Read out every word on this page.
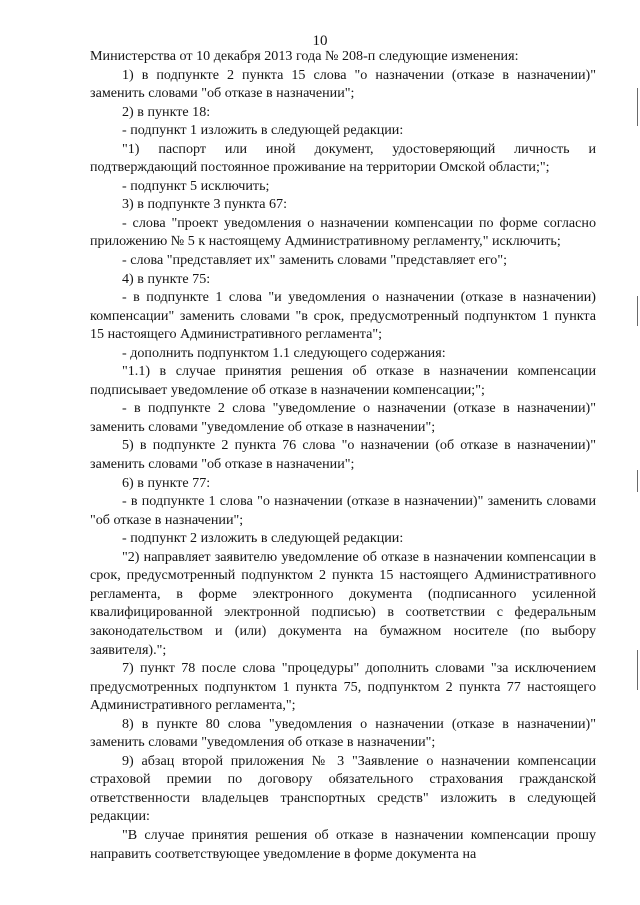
10

Министерства от 10 декабря 2013 года № 208-п следующие изменения:

1) в подпункте 2 пункта 15 слова "о назначении (отказе в назначении)" заменить словами "об отказе в назначении";

2) в пункте 18:

- подпункт 1 изложить в следующей редакции:

"1) паспорт или иной документ, удостоверяющий личность и подтверждающий постоянное проживание на территории Омской области;";

- подпункт 5 исключить;

3) в подпункте 3 пункта 67:

- слова "проект уведомления о назначении компенсации по форме согласно приложению № 5 к настоящему Административному регламенту," исключить;

- слова "представляет их" заменить словами "представляет его";

4) в пункте 75:

- в подпункте 1 слова "и уведомления о назначении (отказе в назначении) компенсации" заменить словами "в срок, предусмотренный подпунктом 1 пункта 15 настоящего Административного регламента";

- дополнить подпунктом 1.1 следующего содержания:

"1.1) в случае принятия решения об отказе в назначении компенсации подписывает уведомление об отказе в назначении компенсации;";

- в подпункте 2 слова "уведомление о назначении (отказе в назначении)" заменить словами "уведомление об отказе в назначении";

5) в подпункте 2 пункта 76 слова "о назначении (об отказе в назначении)" заменить словами "об отказе в назначении";

6) в пункте 77:

- в подпункте 1 слова "о назначении (отказе в назначении)" заменить словами "об отказе в назначении";

- подпункт 2 изложить в следующей редакции:

"2) направляет заявителю уведомление об отказе в назначении компенсации в срок, предусмотренный подпунктом 2 пункта 15 настоящего Административного регламента, в форме электронного документа (подписанного усиленной квалифицированной электронной подписью) в соответствии с федеральным законодательством и (или) документа на бумажном носителе (по выбору заявителя).";

7) пункт 78 после слова "процедуры" дополнить словами "за исключением предусмотренных подпунктом 1 пункта 75, подпунктом 2 пункта 77 настоящего Административного регламента,";

8) в пункте 80 слова "уведомления о назначении (отказе в назначении)" заменить словами "уведомления об отказе в назначении";

9) абзац второй приложения № 3 "Заявление о назначении компенсации страховой премии по договору обязательного страхования гражданской ответственности владельцев транспортных средств" изложить в следующей редакции:

"В случае принятия решения об отказе в назначении компенсации прошу направить соответствующее уведомление в форме документа на
